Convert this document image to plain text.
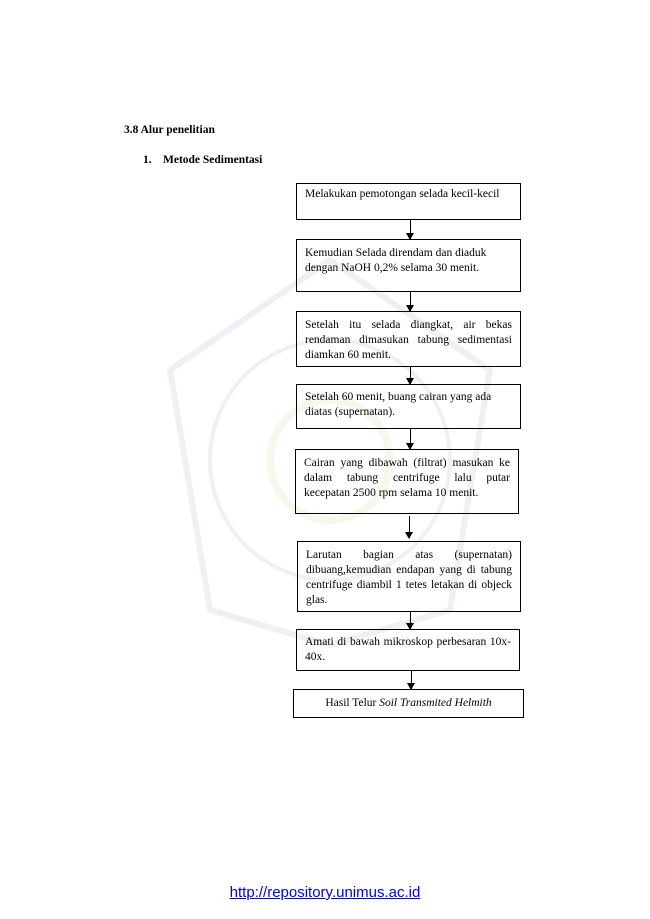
3.8 Alur penelitian
1. Metode Sedimentasi
Melakukan pemotongan selada kecil-kecil
Kemudian Selada direndam dan diaduk dengan NaOH 0,2% selama 30 menit.
Setelah itu selada diangkat, air bekas rendaman dimasukan tabung sedimentasi diamkan 60 menit.
Setelah 60 menit, buang cairan yang ada diatas (supernatan).
Cairan yang dibawah (filtrat) masukan ke dalam tabung centrifuge lalu putar kecepatan 2500 rpm selama 10 menit.
Larutan bagian atas (supernatan) dibuang,kemudian endapan yang di tabung centrifuge diambil 1 tetes letakan di objeck glas.
Amati di bawah mikroskop perbesaran 10x-40x.
Hasil Telur Soil Transmited Helmith
http://repository.unimus.ac.id
